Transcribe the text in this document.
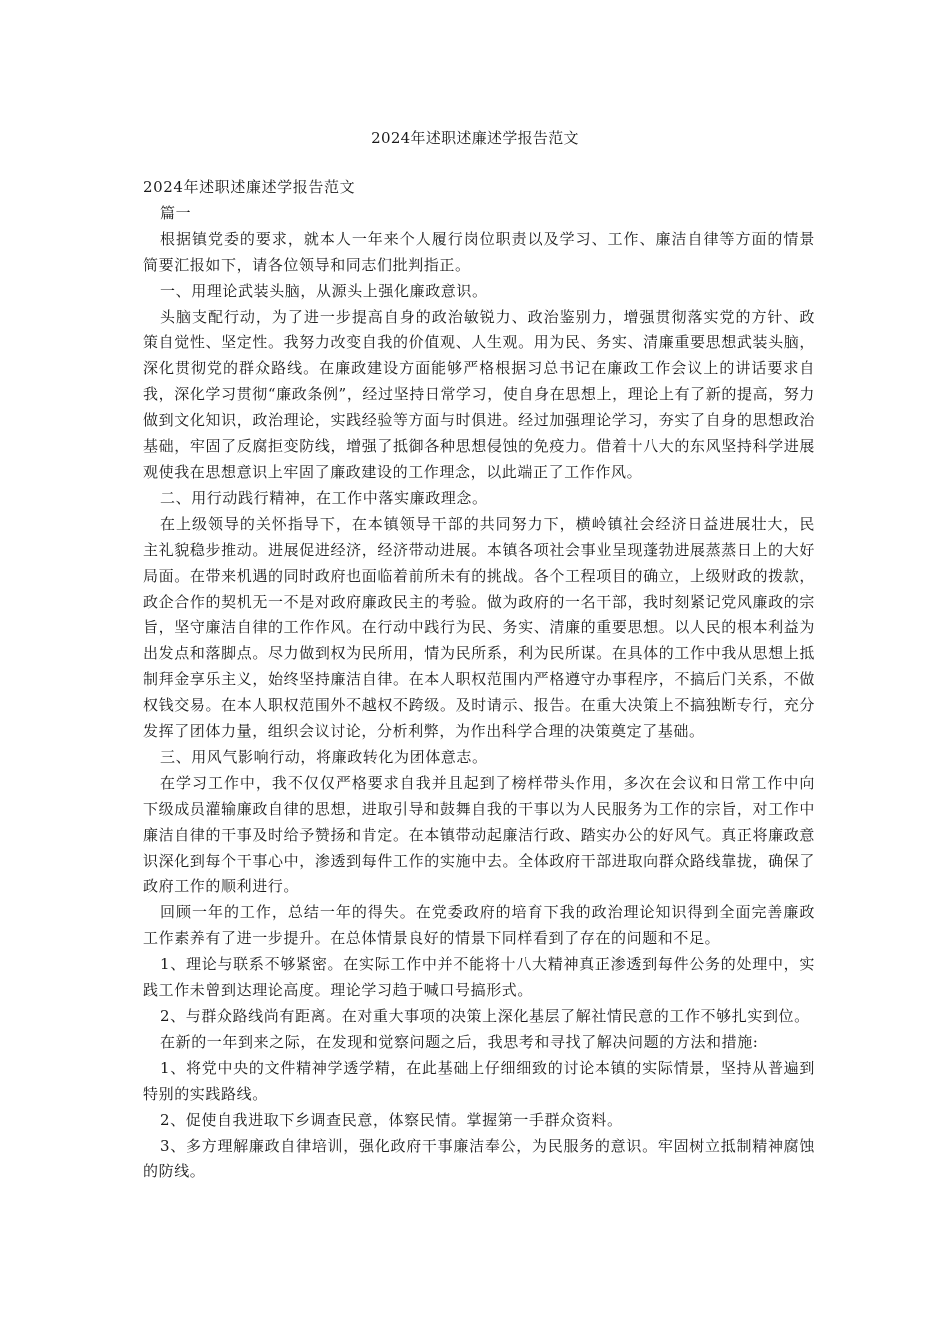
2024年述职述廉述学报告范文

2024年述职述廉述学报告范文

篇一

根据镇党委的要求，就本人一年来个人履行岗位职责以及学习、工作、廉洁自律等方面的情景简要汇报如下，请各位领导和同志们批判指正。

一、用理论武装头脑，从源头上强化廉政意识。

头脑支配行动，为了进一步提高自身的政治敏锐力、政治鉴别力，增强贯彻落实党的方针、政策自觉性、坚定性。我努力改变自我的价值观、人生观。用为民、务实、清廉重要思想武装头脑，深化贯彻党的群众路线。在廉政建设方面能够严格根据习总书记在廉政工作会议上的讲话要求自我，深化学习贯彻“廉政条例”，经过坚持日常学习，使自身在思想上，理论上有了新的提高，努力做到文化知识，政治理论，实践经验等方面与时俱进。经过加强理论学习，夯实了自身的思想政治基础，牢固了反腐拒变防线，增强了抵御各种思想侵蚀的免疫力。借着十八大的东风坚持科学进展观使我在思想意识上牢固了廉政建设的工作理念，以此端正了工作作风。

二、用行动践行精神，在工作中落实廉政理念。

在上级领导的关怀指导下，在本镇领导干部的共同努力下，横岭镇社会经济日益进展壮大，民主礼貌稳步推动。进展促进经济，经济带动进展。本镇各项社会事业呈现蓬勃进展蒸蒸日上的大好局面。在带来机遇的同时政府也面临着前所未有的挑战。各个工程项目的确立，上级财政的拨款，政企合作的契机无一不是对政府廉政民主的考验。做为政府的一名干部，我时刻紧记党风廉政的宗旨，坚守廉洁自律的工作作风。在行动中践行为民、务实、清廉的重要思想。以人民的根本利益为出发点和落脚点。尽力做到权为民所用，情为民所系，利为民所谋。在具体的工作中我从思想上抵制拜金享乐主义，始终坚持廉洁自律。在本人职权范围内严格遵守办事程序，不搞后门关系，不做权钱交易。在本人职权范围外不越权不跨级。及时请示、报告。在重大决策上不搞独断专行，充分发挥了团体力量，组织会议讨论，分析利弊，为作出科学合理的决策奠定了基础。

三、用风气影响行动，将廉政转化为团体意志。

在学习工作中，我不仅仅严格要求自我并且起到了榜样带头作用，多次在会议和日常工作中向下级成员灌输廉政自律的思想，进取引导和鼓舞自我的干事以为人民服务为工作的宗旨，对工作中廉洁自律的干事及时给予赞扬和肯定。在本镇带动起廉洁行政、踏实办公的好风气。真正将廉政意识深化到每个干事心中，渗透到每件工作的实施中去。全体政府干部进取向群众路线靠拢，确保了政府工作的顺利进行。

回顾一年的工作，总结一年的得失。在党委政府的培育下我的政治理论知识得到全面完善廉政工作素养有了进一步提升。在总体情景良好的情景下同样看到了存在的问题和不足。

1、理论与联系不够紧密。在实际工作中并不能将十八大精神真正渗透到每件公务的处理中，实践工作未曾到达理论高度。理论学习趋于喊口号搞形式。

2、与群众路线尚有距离。在对重大事项的决策上深化基层了解社情民意的工作不够扎实到位。

在新的一年到来之际，在发现和觉察问题之后，我思考和寻找了解决问题的方法和措施:

1、将党中央的文件精神学透学精，在此基础上仔细细致的讨论本镇的实际情景，坚持从普遍到特别的实践路线。

2、促使自我进取下乡调查民意，体察民情。掌握第一手群众资料。

3、多方理解廉政自律培训，强化政府干事廉洁奉公，为民服务的意识。牢固树立抵制精神腐蚀的防线。
